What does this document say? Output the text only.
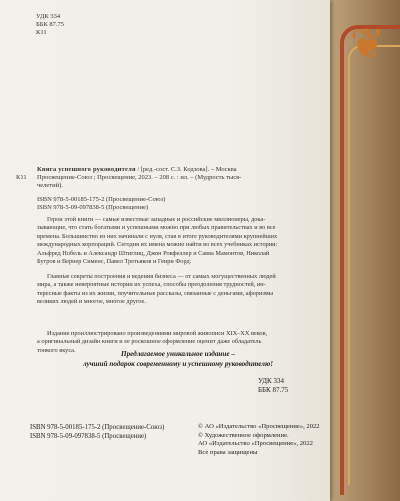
❦
УДК 334
ББК 87.75
К11
Книга успешного руководителя / [ред.-сост. С.З. Кодзова]. – Москва
К11	Просвещение-Союз ; Просвещение, 2023. – 208 с. : ил. – (Мудрость тыся-
челетий).
ISBN 978-5-00185-175-2 (Просвещение-Союз)
ISBN 978-5-09-097838-5 (Просвещение)
Герои этой книги — самые известные западные и российские миллионеры, дока-
зывающие, что стать богатыми и успешными можно при любых правительствах и во все
времена. Большинство из них начинали с нуля, став в итоге руководителями крупнейших
международных корпораций. Сегодня их имена можно найти во всех учебниках истории:
Альфред Нобель и Александр Штиглиц, Джон Рокфеллер и Савва Мамонтов, Николай
Бугров и Вернер Сименс, Павел Третьяков и Генри Форд.
Главные секреты построения и ведения бизнеса — от самых могущественных людей
мира, а также невероятные истории их успеха, способы преодоления трудностей, ин-
тересные факты из их жизни, поучительные рассказы, связанные с деньгами, афоризмы
великих людей и многое, многое другое.
Издание проиллюстрировано произведениями мировой живописи XIX–XX веков,
а оригинальный дизайн книги и ее роскошное оформление оценит даже обладатель
тонкого вкуса.	Предлагаемое уникальное издание –
лучший подарок современному и успешному руководителю!
УДК 334
ББК 87.75
ISBN 978-5-00185-175-2 (Просвещение-Союз)
ISBN 978-5-09-097838-5 (Просвещение)
© АО «Издательство «Просвещение», 2022
© Художественное оформление.
АО «Издательство «Просвещение», 2022
Все права защищены
